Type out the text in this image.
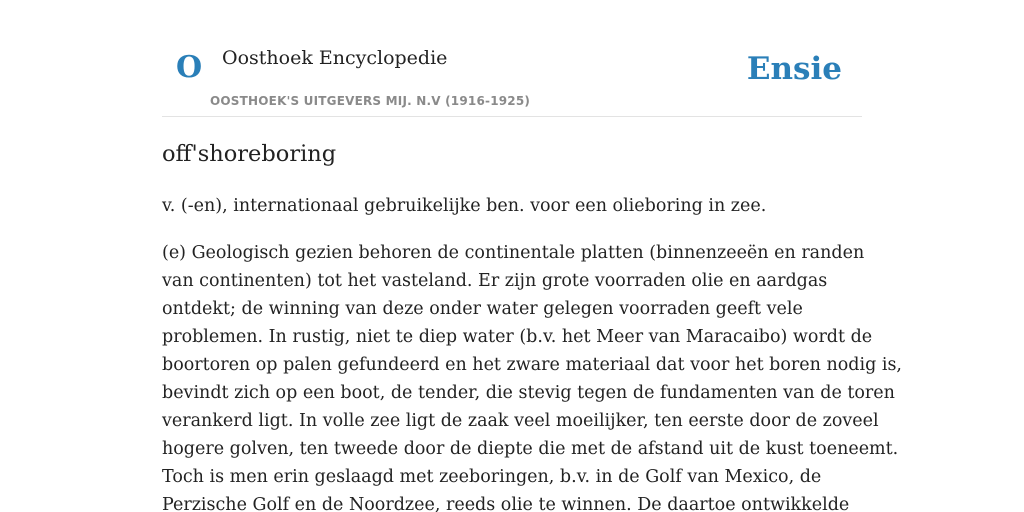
O Oosthoek Encyclopedie
OOSTHOEK'S UITGEVERS MIJ. N.V (1916-1925)
Ensie
off'shoreboring

v. (-en), internationaal gebruikelijke ben. voor een olieboring in zee.

(e) Geologisch gezien behoren de continentale platten (binnenzeeën en randen
van continenten) tot het vasteland. Er zijn grote voorraden olie en aardgas
ontdekt; de winning van deze onder water gelegen voorraden geeft vele
problemen. In rustig, niet te diep water (b.v. het Meer van Maracaibo) wordt de
boortoren op palen gefundeerd en het zware materiaal dat voor het boren nodig is,
bevindt zich op een boot, de tender, die stevig tegen de fundamenten van de toren
verankerd ligt. In volle zee ligt de zaak veel moeilijker, ten eerste door de zoveel
hogere golven, ten tweede door de diepte die met de afstand uit de kust toeneemt.
Toch is men erin geslaagd met zeeboringen, b.v. in de Golf van Mexico, de
Perzische Golf en de Noordzee, reeds olie te winnen. De daartoe ontwikkelde
